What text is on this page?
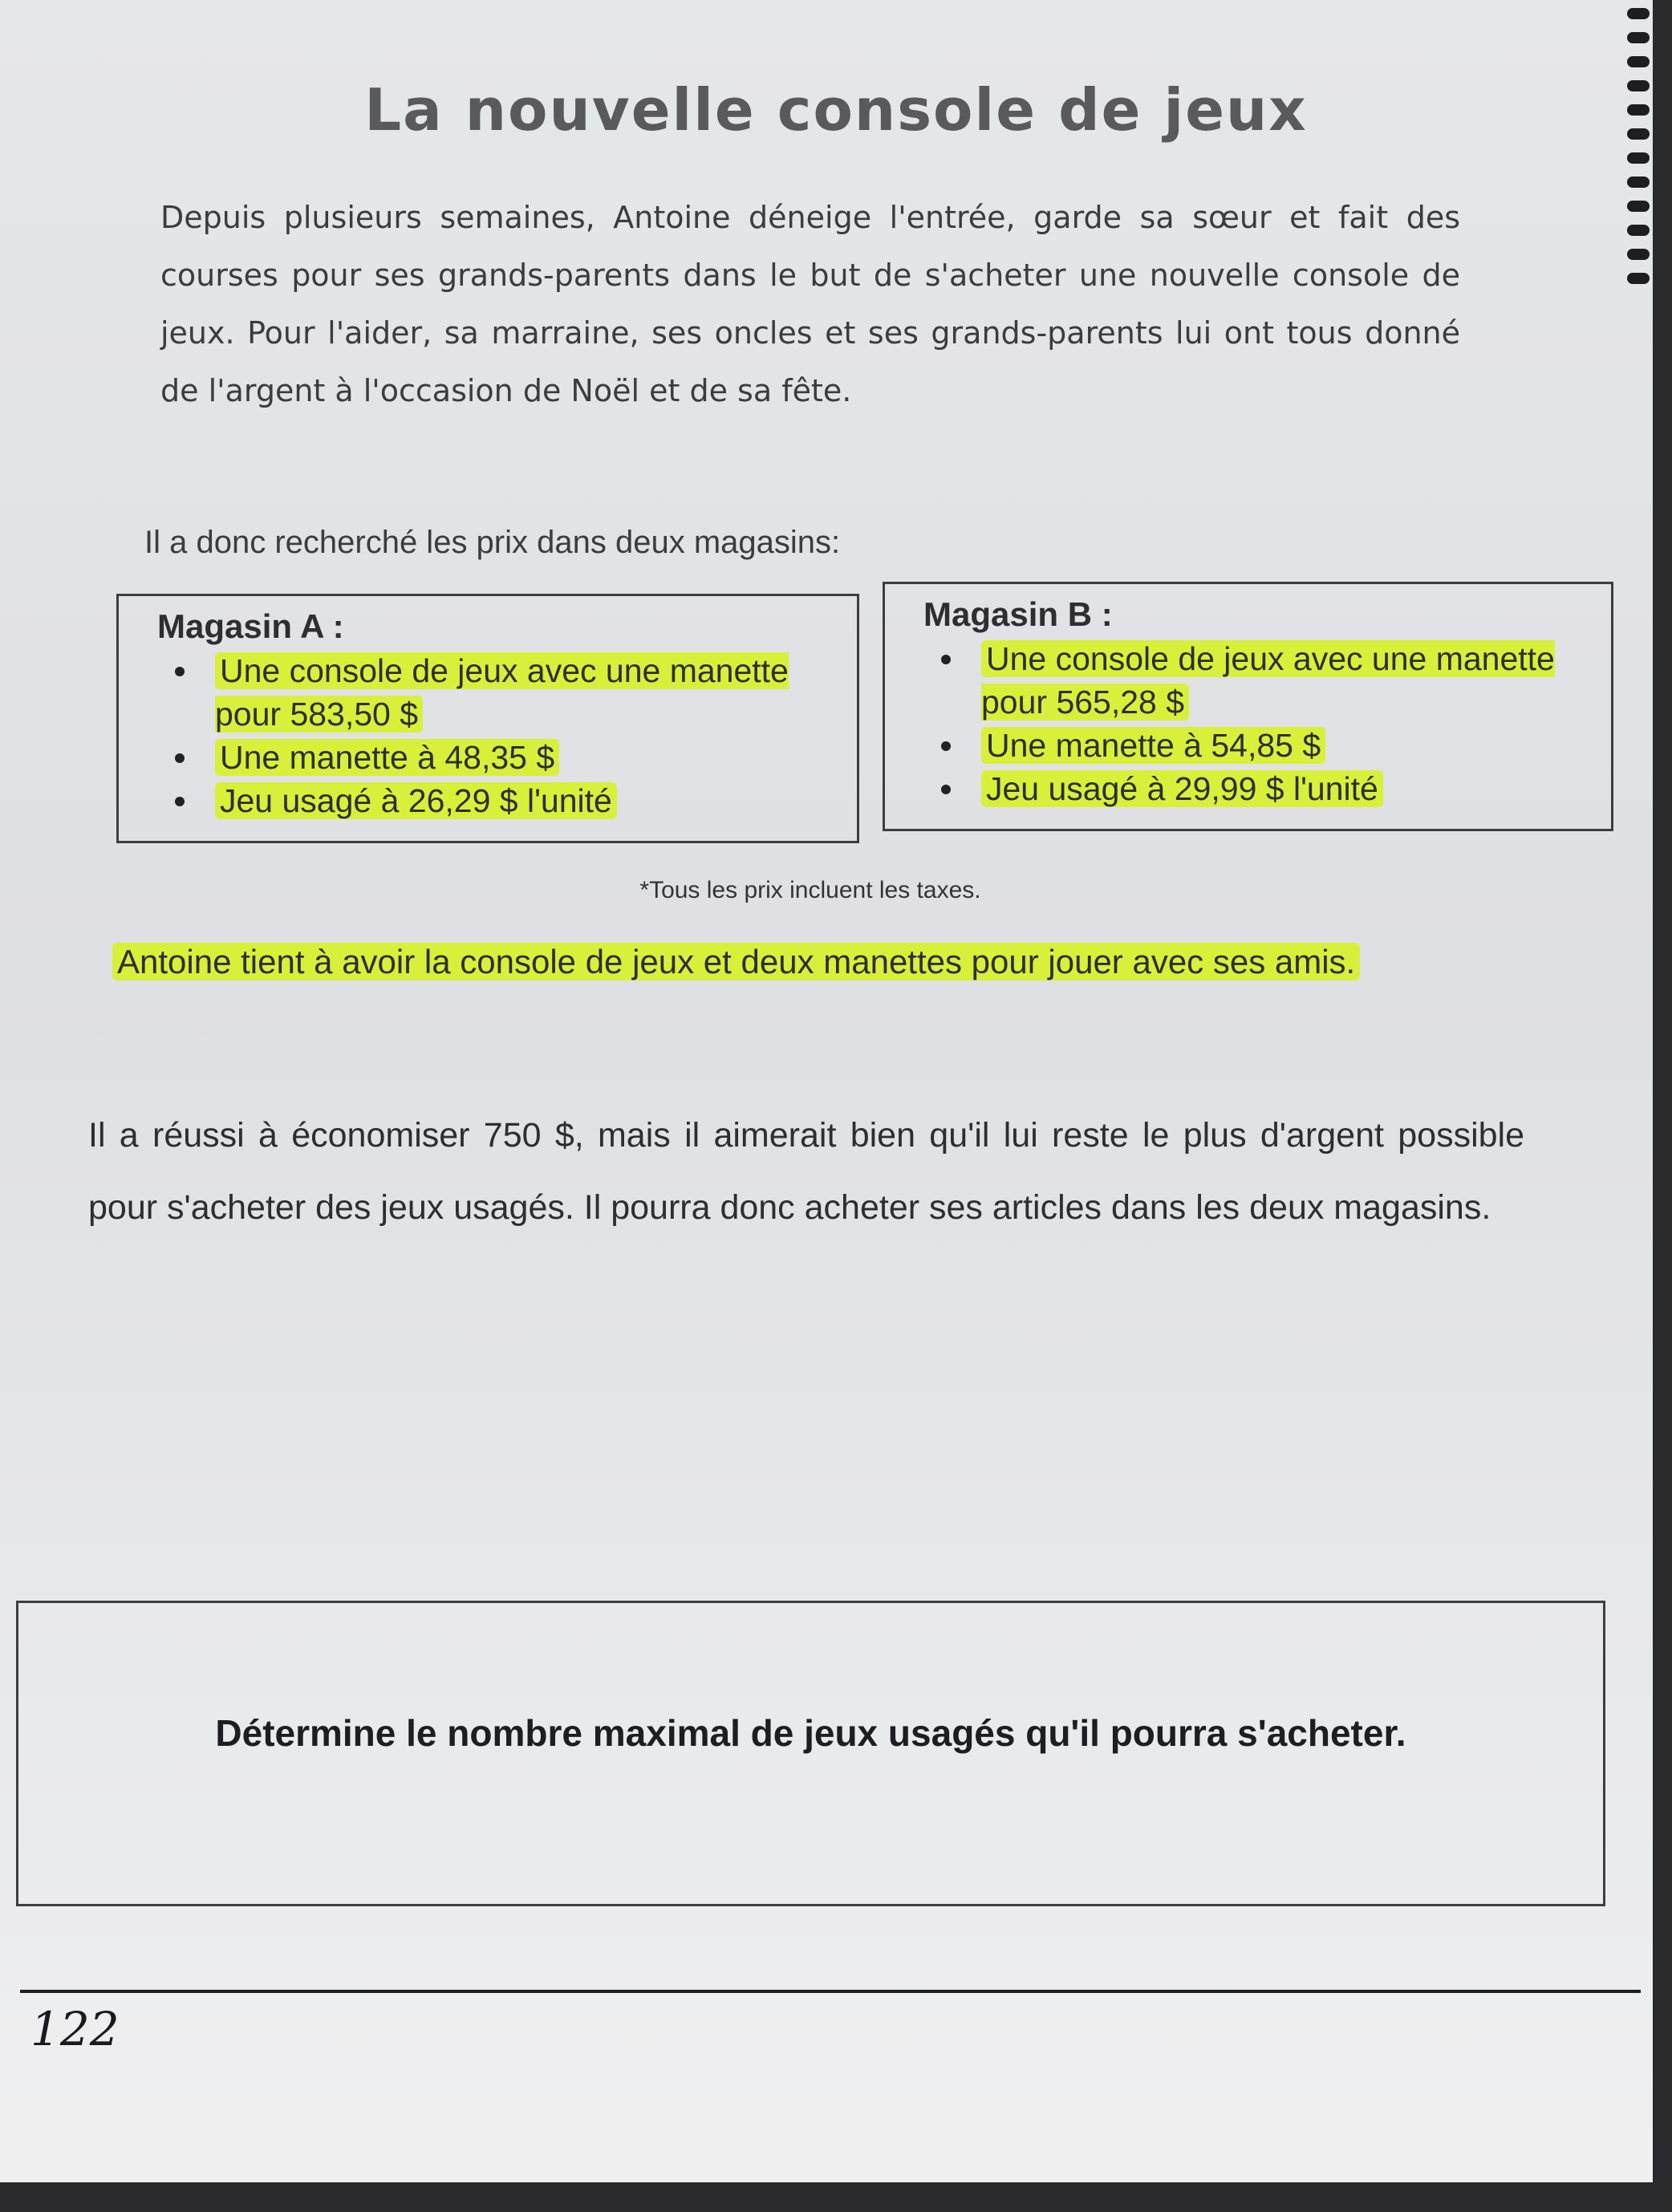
La nouvelle console de jeux

Depuis plusieurs semaines, Antoine déneige l'entrée, garde sa sœur et fait des courses pour ses grands-parents dans le but de s'acheter une nouvelle console de jeux. Pour l'aider, sa marraine, ses oncles et ses grands-parents lui ont tous donné de l'argent à l'occasion de Noël et de sa fête.

Il a donc recherché les prix dans deux magasins:

Magasin A :
Une console de jeux avec une manette pour 583,50 $
Une manette à 48,35 $
Jeu usagé à 26,29 $ l'unité
Magasin B :
Une console de jeux avec une manette pour 565,28 $
Une manette à 54,85 $
Jeu usagé à 29,99 $ l'unité

*Tous les prix incluent les taxes.

Antoine tient à avoir la console de jeux et deux manettes pour jouer avec ses amis.

Il a réussi à économiser 750 $, mais il aimerait bien qu'il lui reste le plus d'argent possible pour s'acheter des jeux usagés. Il pourra donc acheter ses articles dans les deux magasins.

Détermine le nombre maximal de jeux usagés qu'il pourra s'acheter.

122
